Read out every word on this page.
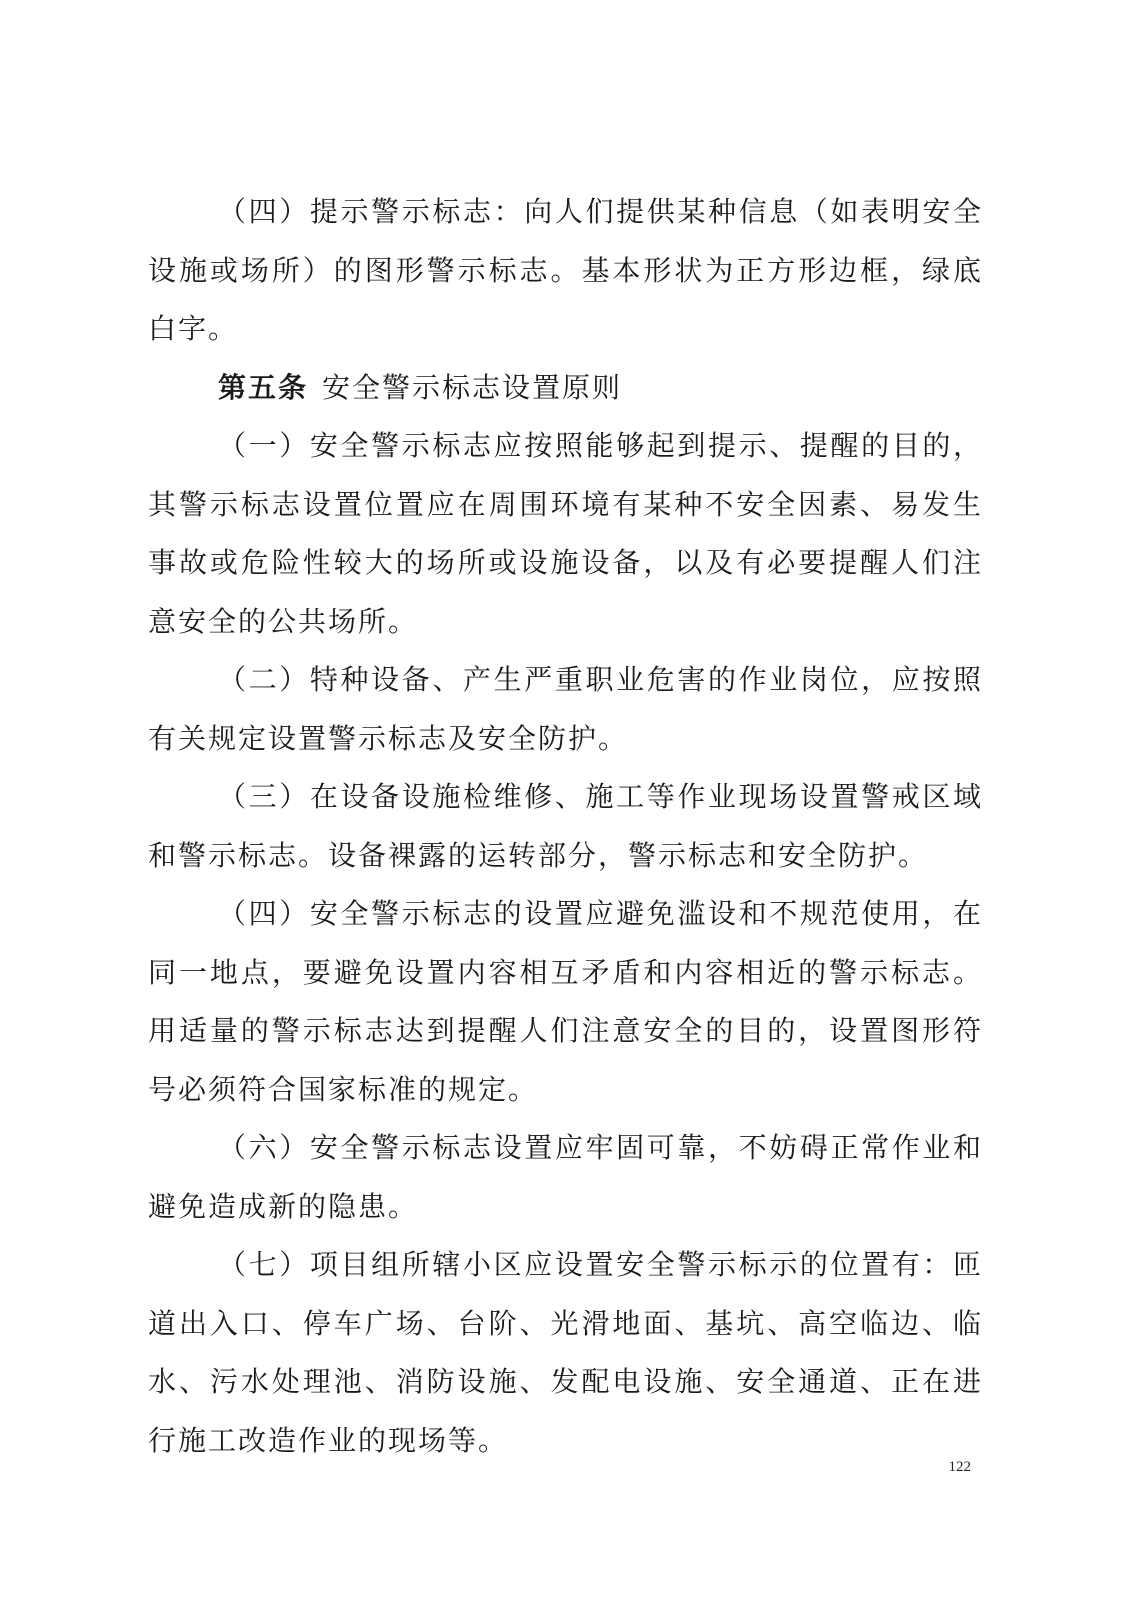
（四）提示警示标志：向人们提供某种信息（如表明安全设施或场所）的图形警示标志。基本形状为正方形边框，绿底白字。

第五条 安全警示标志设置原则

（一）安全警示标志应按照能够起到提示、提醒的目的，其警示标志设置位置应在周围环境有某种不安全因素、易发生事故或危险性较大的场所或设施设备，以及有必要提醒人们注意安全的公共场所。

（二）特种设备、产生严重职业危害的作业岗位，应按照有关规定设置警示标志及安全防护。

（三）在设备设施检维修、施工等作业现场设置警戒区域和警示标志。设备裸露的运转部分，警示标志和安全防护。

（四）安全警示标志的设置应避免滥设和不规范使用，在同一地点，要避免设置内容相互矛盾和内容相近的警示标志。用适量的警示标志达到提醒人们注意安全的目的，设置图形符号必须符合国家标准的规定。

（六）安全警示标志设置应牢固可靠，不妨碍正常作业和避免造成新的隐患。

（七）项目组所辖小区应设置安全警示标示的位置有：匝道出入口、停车广场、台阶、光滑地面、基坑、高空临边、临水、污水处理池、消防设施、发配电设施、安全通道、正在进行施工改造作业的现场等。

122
